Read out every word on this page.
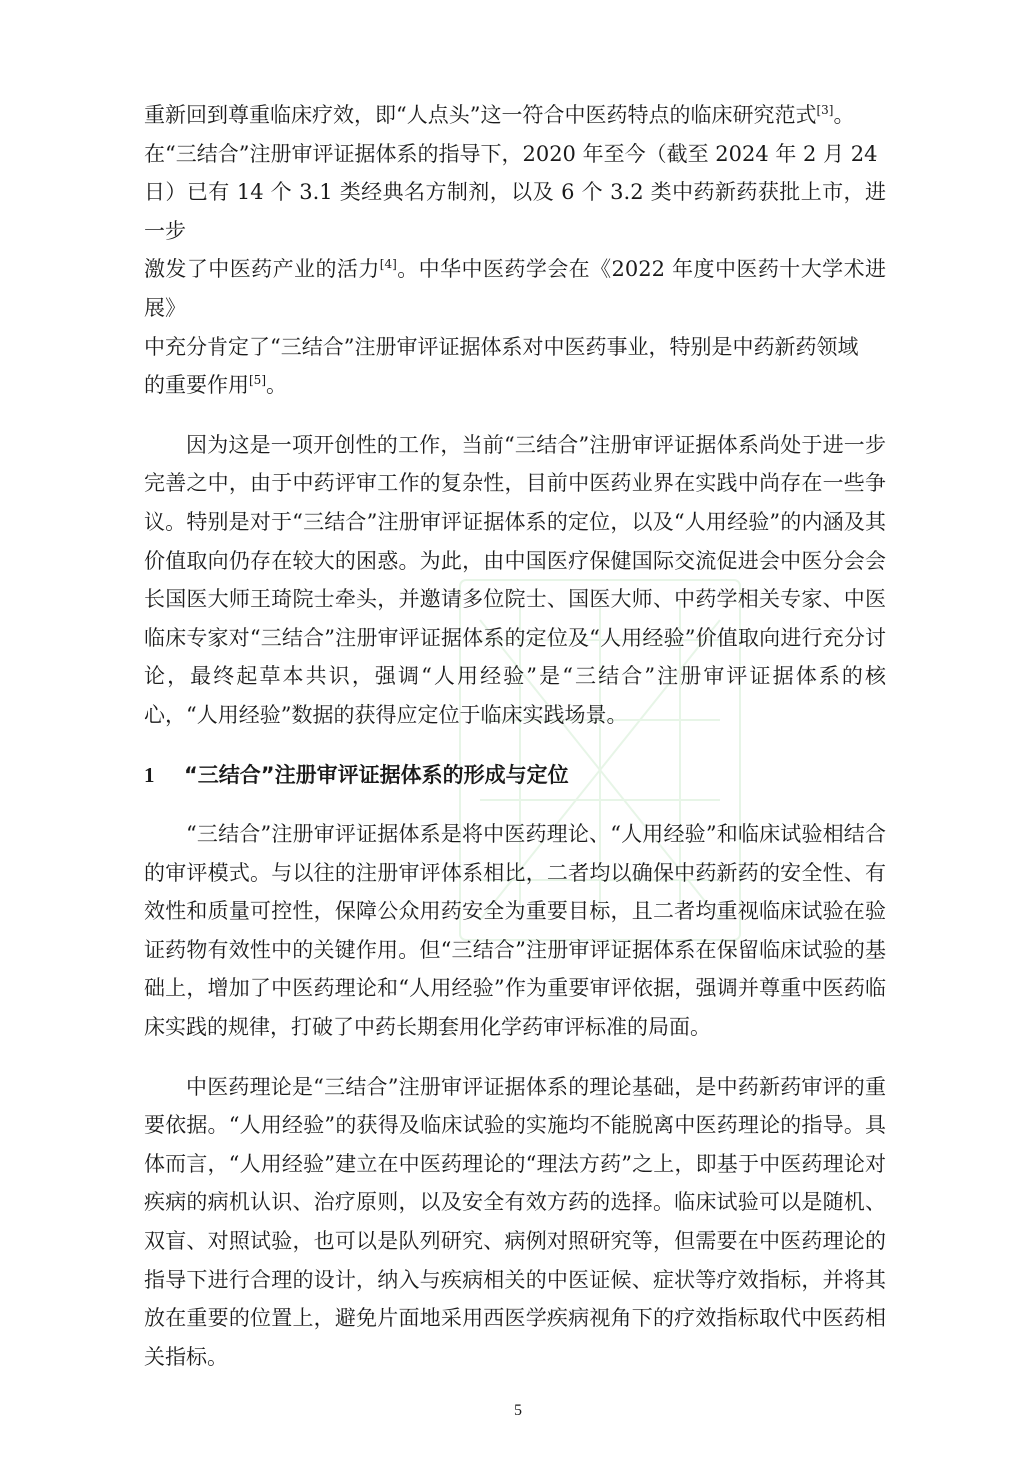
重新回到尊重临床疗效，即“人点头”这一符合中医药特点的临床研究范式[3]。
在“三结合”注册审评证据体系的指导下，2020 年至今（截至 2024 年 2 月 24
日）已有 14 个 3.1 类经典名方制剂，以及 6 个 3.2 类中药新药获批上市，进一步
激发了中医药产业的活力[4]。中华中医药学会在《2022 年度中医药十大学术进展》
中充分肯定了“三结合”注册审评证据体系对中医药事业，特别是中药新药领域
的重要作用[5]。

因为这是一项开创性的工作，当前“三结合”注册审评证据体系尚处于进一步完善之中，由于中药评审工作的复杂性，目前中医药业界在实践中尚存在一些争议。特别是对于“三结合”注册审评证据体系的定位，以及“人用经验”的内涵及其价值取向仍存在较大的困惑。为此，由中国医疗保健国际交流促进会中医分会会长国医大师王琦院士牵头，并邀请多位院士、国医大师、中药学相关专家、中医临床专家对“三结合”注册审评证据体系的定位及“人用经验”价值取向进行充分讨论，最终起草本共识，强调“人用经验”是“三结合”注册审评证据体系的核心，“人用经验”数据的获得应定位于临床实践场景。

1	“三结合”注册审评证据体系的形成与定位

“三结合”注册审评证据体系是将中医药理论、“人用经验”和临床试验相结合的审评模式。与以往的注册审评体系相比，二者均以确保中药新药的安全性、有效性和质量可控性，保障公众用药安全为重要目标，且二者均重视临床试验在验证药物有效性中的关键作用。但“三结合”注册审评证据体系在保留临床试验的基础上，增加了中医药理论和“人用经验”作为重要审评依据，强调并尊重中医药临床实践的规律，打破了中药长期套用化学药审评标准的局面。

中医药理论是“三结合”注册审评证据体系的理论基础，是中药新药审评的重要依据。“人用经验”的获得及临床试验的实施均不能脱离中医药理论的指导。具体而言，“人用经验”建立在中医药理论的“理法方药”之上，即基于中医药理论对疾病的病机认识、治疗原则，以及安全有效方药的选择。临床试验可以是随机、双盲、对照试验，也可以是队列研究、病例对照研究等，但需要在中医药理论的指导下进行合理的设计，纳入与疾病相关的中医证候、症状等疗效指标，并将其放在重要的位置上，避免片面地采用西医学疾病视角下的疗效指标取代中医药相关指标。

5
